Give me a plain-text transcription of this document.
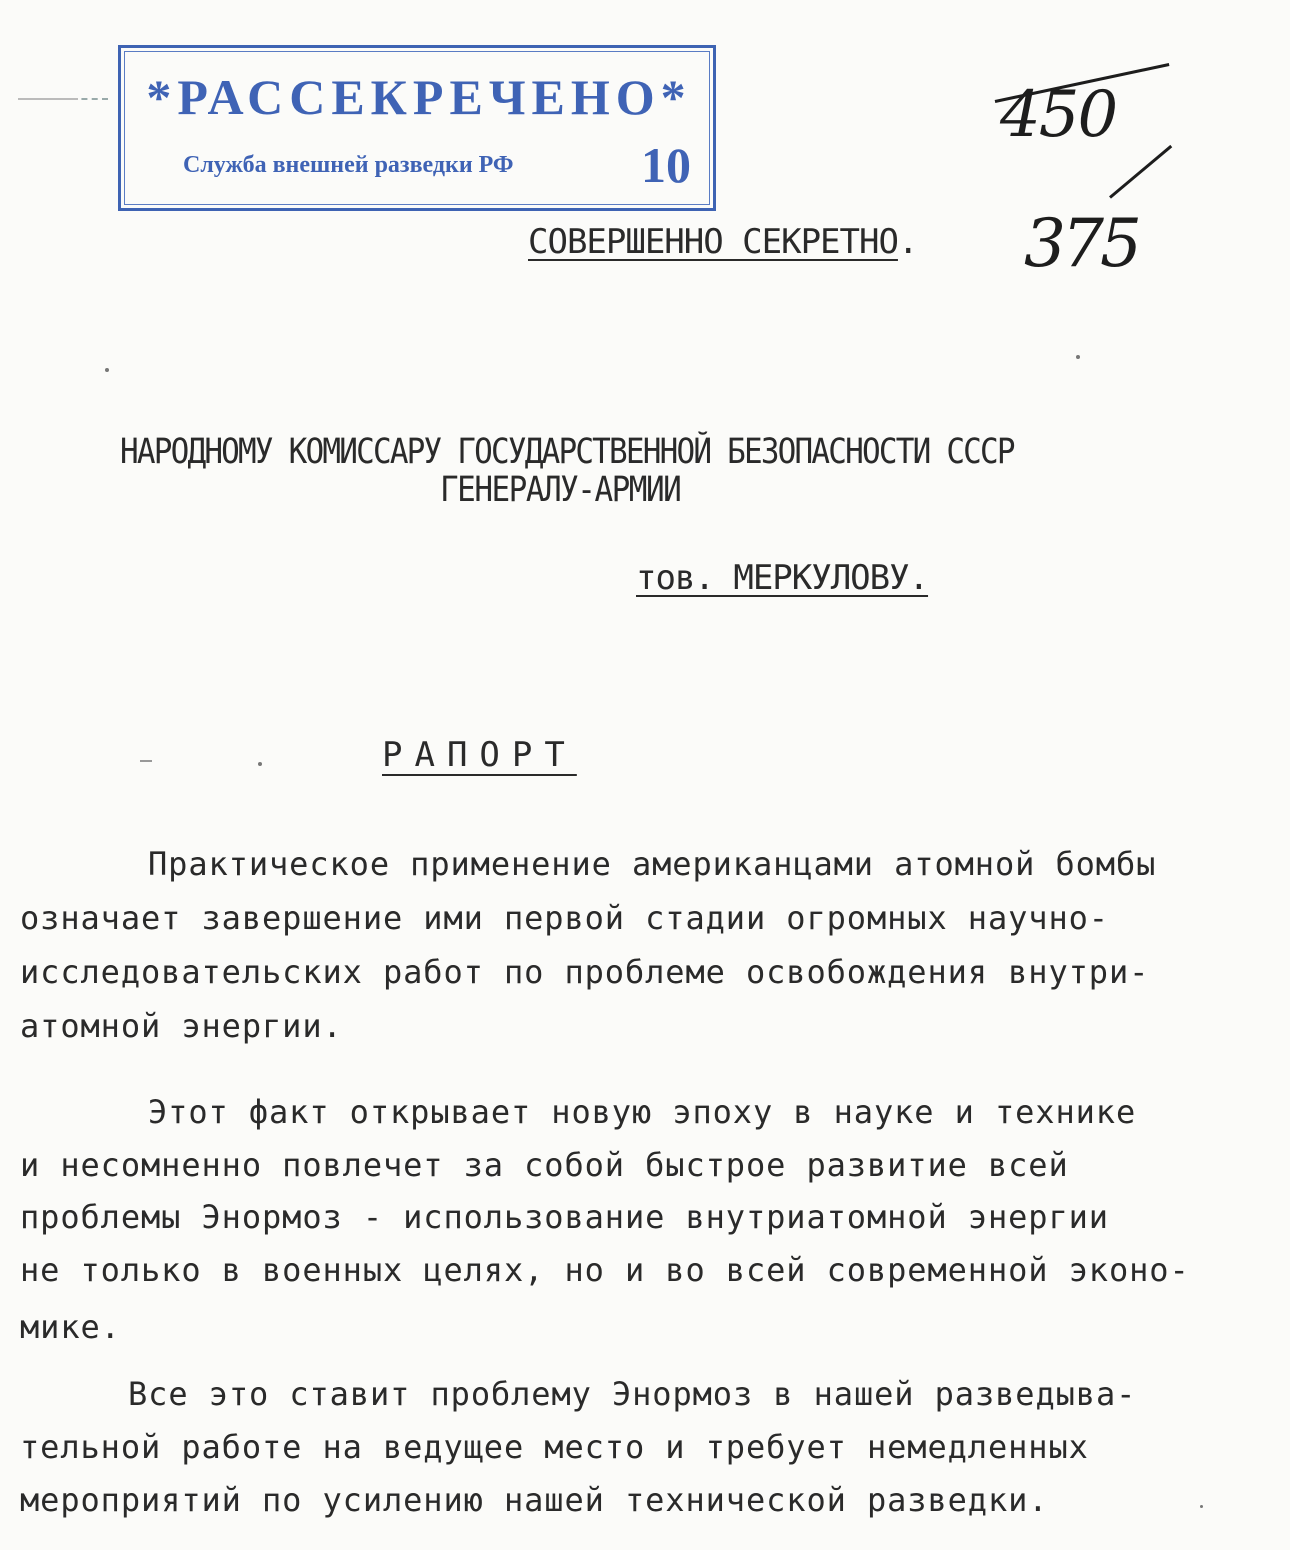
*РАССЕКРЕЧЕНО*
Служба внешней разведки РФ	10
450
375
СОВЕРШЕННО СЕКРЕТНО.
НАРОДНОМУ КОМИССАРУ ГОСУДАРСТВЕННОЙ БЕЗОПАСНОСТИ СССР
ГЕНЕРАЛУ-АРМИИ
тов. МЕРКУЛОВУ.
РАПОРТ
Практическое применение американцами атомной бомбы
означает завершение ими первой стадии огромных научно-
исследовательских работ по проблеме освобождения внутри-
атомной энергии.
Этот факт открывает новую эпоху в науке и технике
и несомненно повлечет за собой быстрое развитие всей
проблемы Энормоз - использование внутриатомной энергии
не только в военных целях, но и во всей современной эконо-
мике.
Все это ставит проблему Энормоз в нашей разведыва-
тельной работе на ведущее место и требует немедленных
мероприятий по усилению нашей технической разведки.
